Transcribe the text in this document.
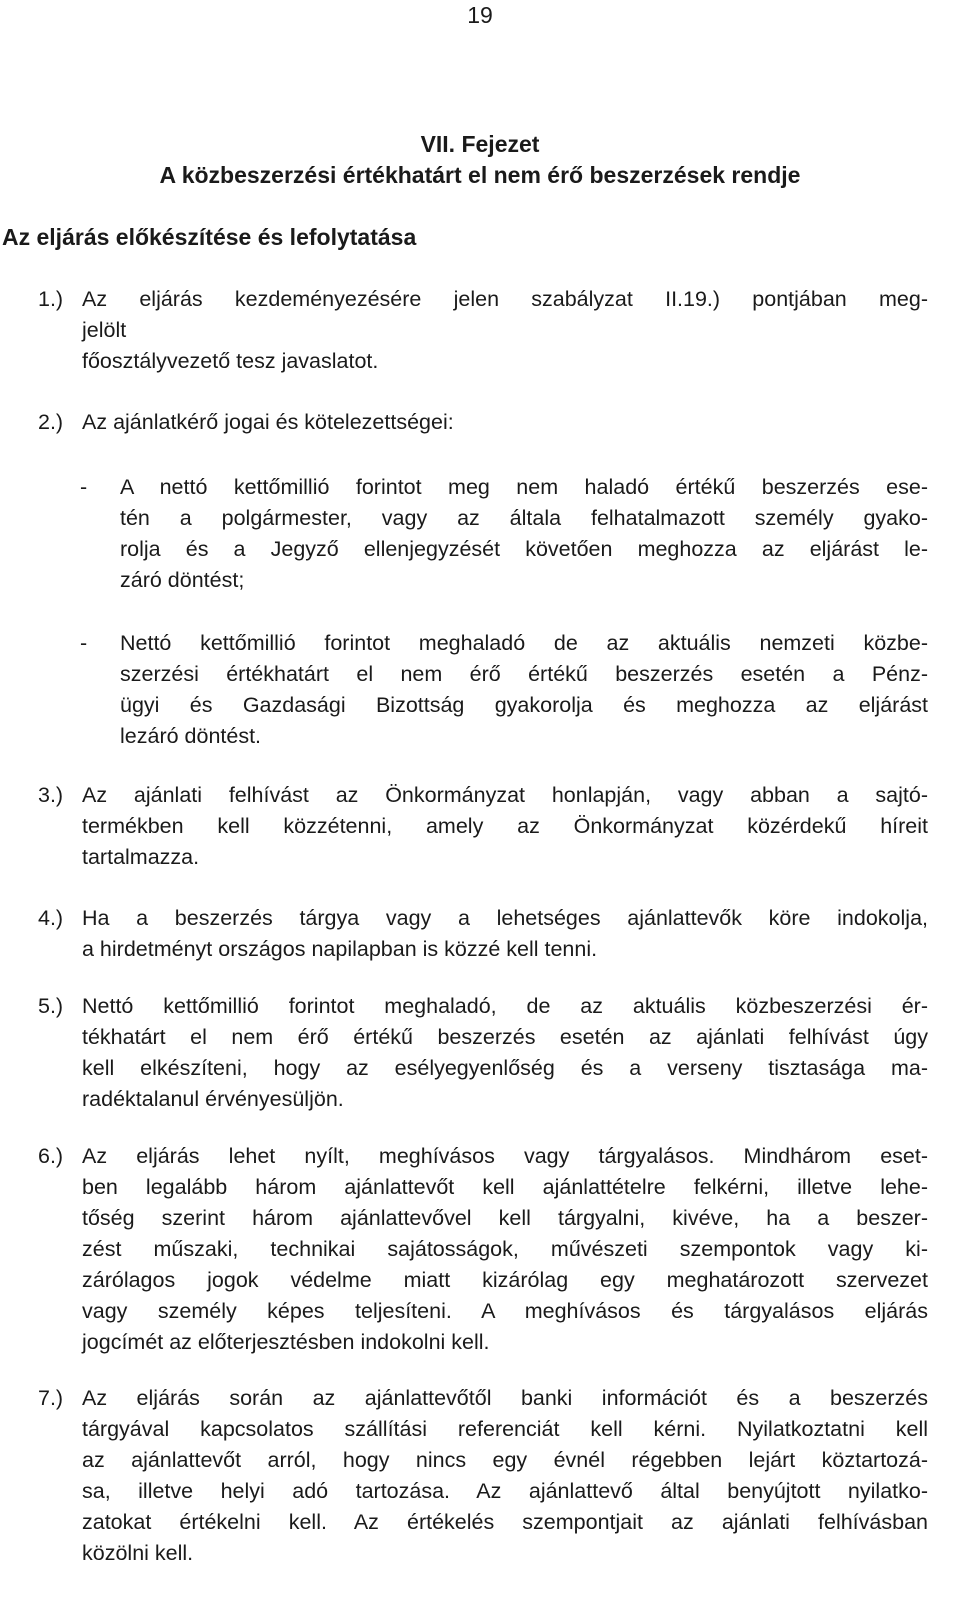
19
VII. Fejezet
A közbeszerzési értékhatárt el nem érő beszerzések rendje
Az eljárás előkészítése és lefolytatása
1.) Az eljárás kezdeményezésére jelen szabályzat II.19.) pontjában meg-
jelölt
főosztályvezető tesz javaslatot.
2.) Az ajánlatkérő jogai és kötelezettségei:
- A nettó kettőmillió forintot meg nem haladó értékű beszerzés ese-
tén a polgármester, vagy az általa felhatalmazott személy gyako-
rolja és a Jegyző ellenjegyzését követően meghozza az eljárást le-
záró döntést;
- Nettó kettőmillió forintot meghaladó de az aktuális nemzeti közbe-
szerzési értékhatárt el nem érő értékű beszerzés esetén a Pénz-
ügyi és Gazdasági Bizottság gyakorolja és meghozza az eljárást
lezáró döntést.
3.) Az ajánlati felhívást az Önkormányzat honlapján, vagy abban a sajtó-
termékben kell közzétenni, amely az Önkormányzat közérdekű híreit
tartalmazza.
4.) Ha a beszerzés tárgya vagy a lehetséges ajánlattevők köre indokolja,
a hirdetményt országos napilapban is közzé kell tenni.
5.) Nettó kettőmillió forintot meghaladó, de az aktuális közbeszerzési ér-
tékhatárt el nem érő értékű beszerzés esetén az ajánlati felhívást úgy
kell elkészíteni, hogy az esélyegyenlőség és a verseny tisztasága ma-
radéktalanul érvényesüljön.
6.) Az eljárás lehet nyílt, meghívásos vagy tárgyalásos. Mindhárom eset-
ben legalább három ajánlattevőt kell ajánlattételre felkérni, illetve lehe-
tőség szerint három ajánlattevővel kell tárgyalni, kivéve, ha a beszer-
zést műszaki, technikai sajátosságok, művészeti szempontok vagy ki-
zárólagos jogok védelme miatt kizárólag egy meghatározott szervezet
vagy személy képes teljesíteni. A meghívásos és tárgyalásos eljárás
jogcímét az előterjesztésben indokolni kell.
7.) Az eljárás során az ajánlattevőtől banki információt és a beszerzés
tárgyával kapcsolatos szállítási referenciát kell kérni. Nyilatkoztatni kell
az ajánlattevőt arról, hogy nincs egy évnél régebben lejárt köztartozá-
sa, illetve helyi adó tartozása. Az ajánlattevő által benyújtott nyilatko-
zatokat értékelni kell. Az értékelés szempontjait az ajánlati felhívásban
közölni kell.
